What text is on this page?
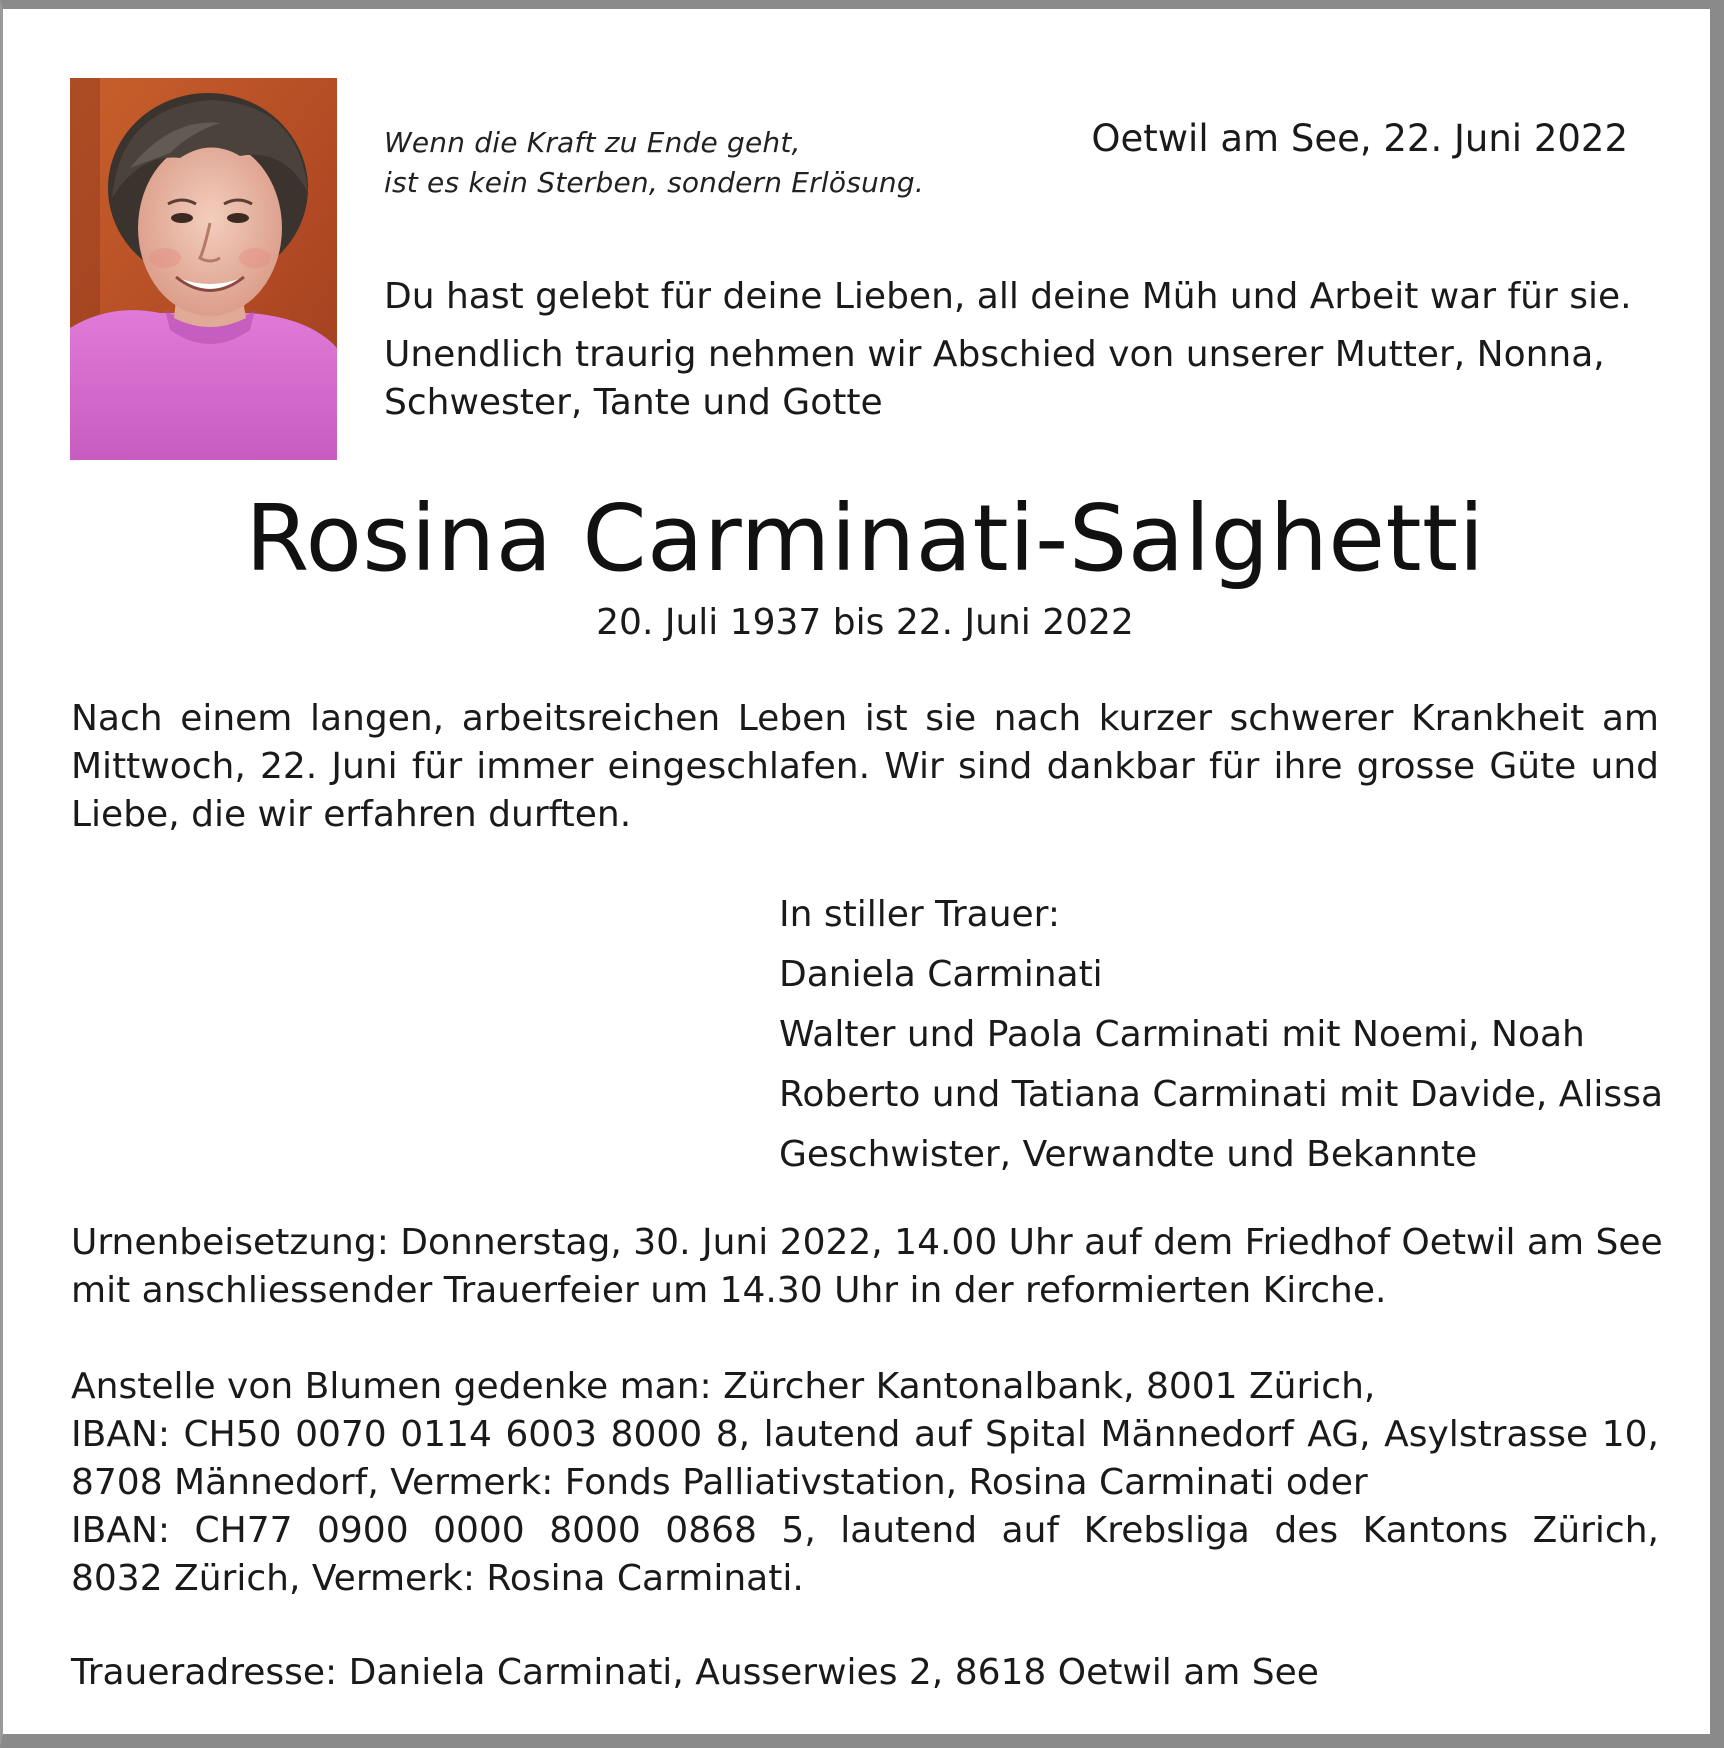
Wenn die Kraft zu Ende geht,
ist es kein Sterben, sondern Erlösung.
Oetwil am See, 22. Juni 2022

Du hast gelebt für deine Lieben, all deine Müh und Arbeit war für sie.

Unendlich traurig nehmen wir Abschied von unserer Mutter, Nonna, Schwester, Tante und Gotte

Rosina Carminati-Salghetti
20. Juli 1937 bis 22. Juni 2022
Nach einem langen, arbeitsreichen Leben ist sie nach kurzer schwerer Krankheit am Mittwoch, 22. Juni für immer eingeschlafen. Wir sind dankbar für ihre grosse Güte und Liebe, die wir erfahren durften.
In stiller Trauer:
Daniela Carminati
Walter und Paola Carminati mit Noemi, Noah
Roberto und Tatiana Carminati mit Davide, Alissa
Geschwister, Verwandte und Bekannte
Urnenbeisetzung: Donnerstag, 30. Juni 2022, 14.00 Uhr auf dem Friedhof Oetwil am See
mit anschliessender Trauerfeier um 14.30 Uhr in der reformierten Kirche.
Anstelle von Blumen gedenke man: Zürcher Kantonalbank, 8001 Zürich,
IBAN: CH50 0070 0114 6003 8000 8, lautend auf Spital Männedorf AG, Asylstrasse 10,
8708 Männedorf, Vermerk: Fonds Palliativstation, Rosina Carminati oder
IBAN: CH77 0900 0000 8000 0868 5, lautend auf Krebsliga des Kantons Zürich,
8032 Zürich, Vermerk: Rosina Carminati.
Traueradresse: Daniela Carminati, Ausserwies 2, 8618 Oetwil am See
